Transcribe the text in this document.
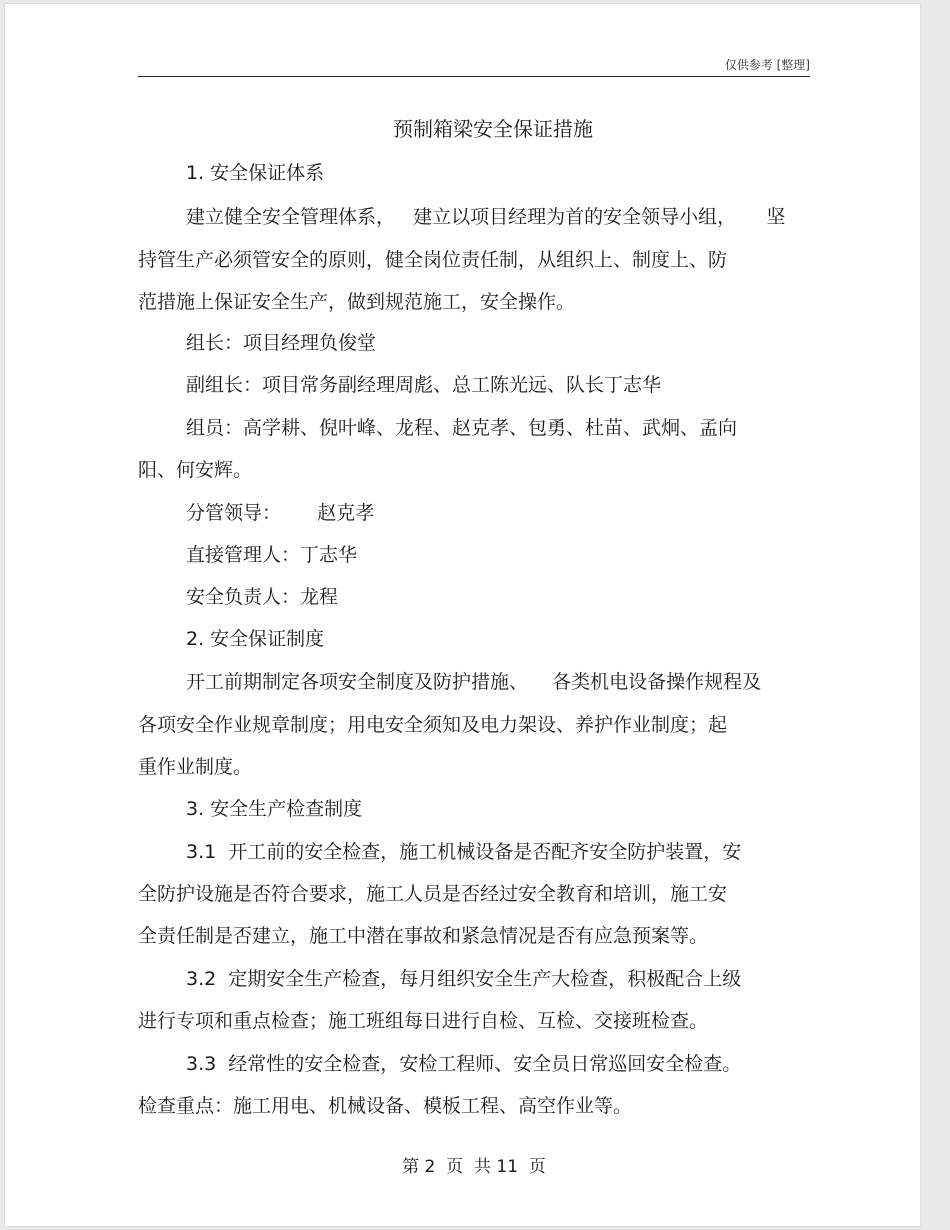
仅供参考 [整理]
预制箱梁安全保证措施
1. 安全保证体系
建立健全安全管理体系，   建立以项目经理为首的安全领导小组，     坚
持管生产必须管安全的原则，健全岗位责任制，从组织上、制度上、防
范措施上保证安全生产，做到规范施工，安全操作。
组长：项目经理负俊堂
副组长：项目常务副经理周彪、总工陈光远、队长丁志华
组员：高学耕、倪叶峰、龙程、赵克孝、包勇、杜苗、武炯、孟向
阳、何安辉。
分管领导：      赵克孝
直接管理人：丁志华
安全负责人：龙程
2. 安全保证制度
开工前期制定各项安全制度及防护措施、    各类机电设备操作规程及
各项安全作业规章制度；用电安全须知及电力架设、养护作业制度；起
重作业制度。
3. 安全生产检查制度
3.1  开工前的安全检查，施工机械设备是否配齐安全防护装置，安
全防护设施是否符合要求，施工人员是否经过安全教育和培训，施工安
全责任制是否建立，施工中潜在事故和紧急情况是否有应急预案等。
3.2  定期安全生产检查，每月组织安全生产大检查，积极配合上级
进行专项和重点检查；施工班组每日进行自检、互检、交接班检查。
3.3  经常性的安全检查，安检工程师、安全员日常巡回安全检查。
检查重点：施工用电、机械设备、模板工程、高空作业等。
第 2  页  共 11  页
